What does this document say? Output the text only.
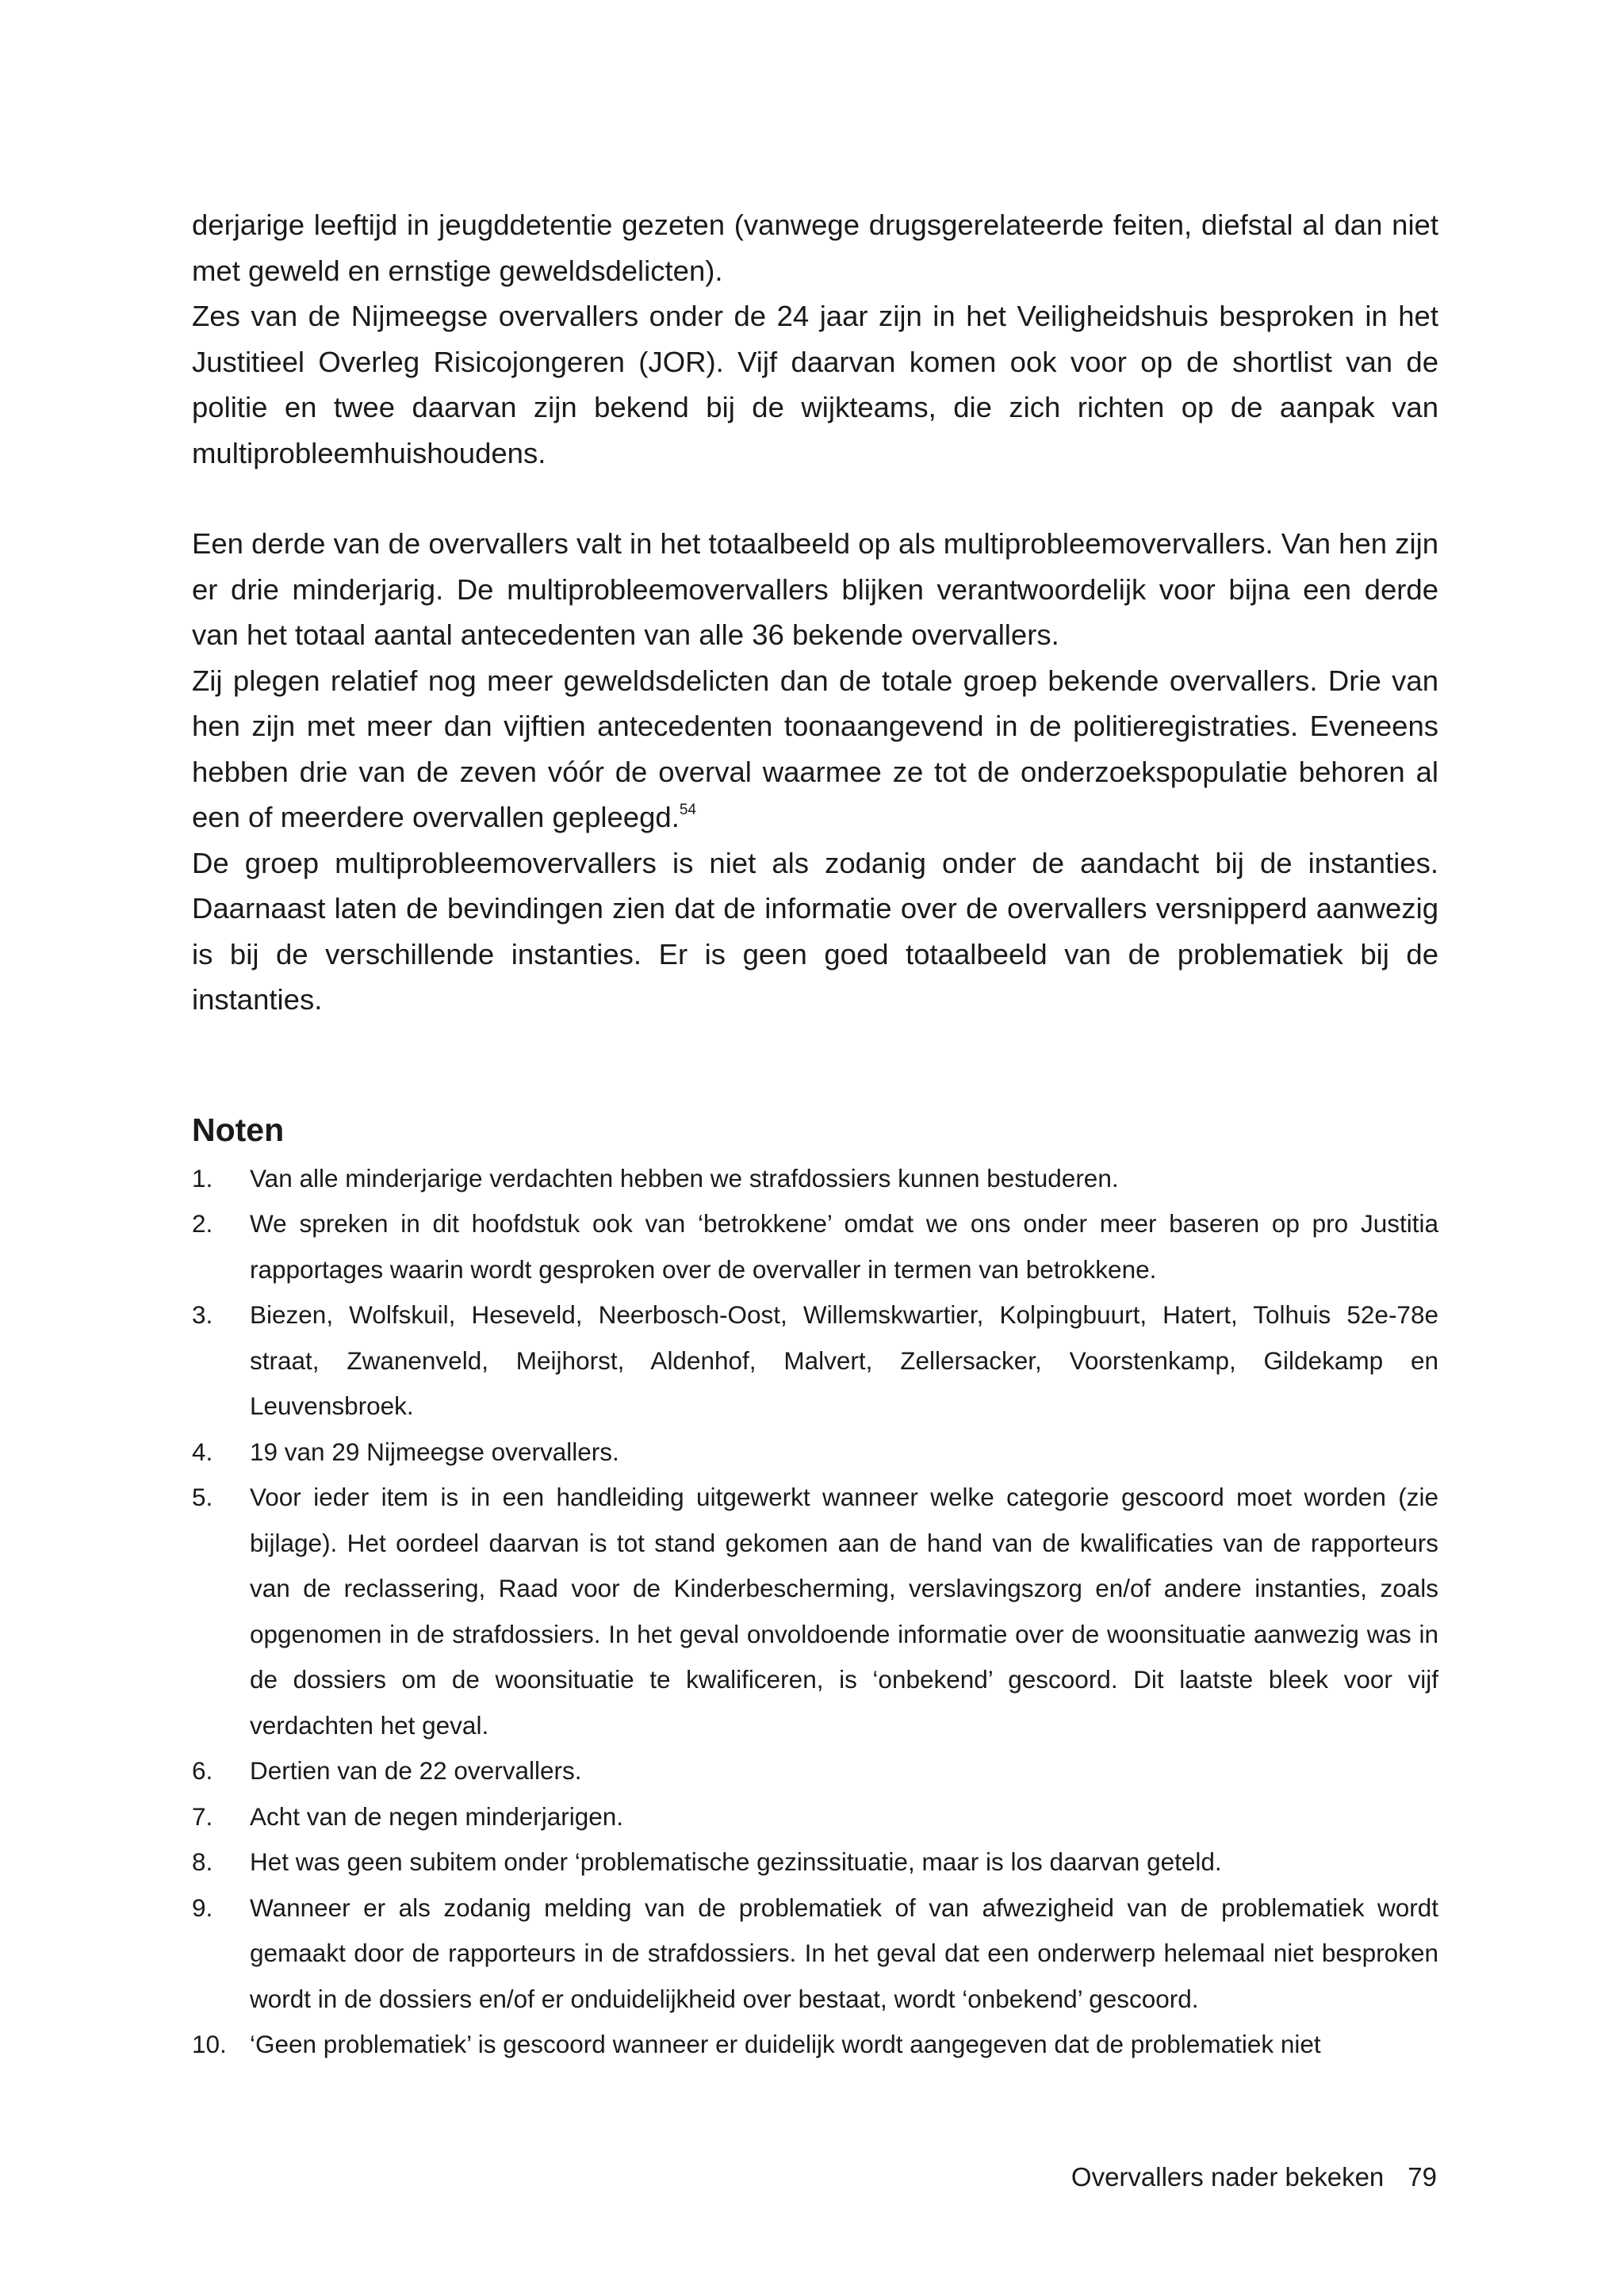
derjarige leeftijd in jeugddetentie gezeten (vanwege drugsgerelateerde feiten, diefstal al dan niet met geweld en ernstige geweldsdelicten).

Zes van de Nijmeegse overvallers onder de 24 jaar zijn in het Veiligheidshuis besproken in het Justitieel Overleg Risicojongeren (JOR). Vijf daarvan komen ook voor op de shortlist van de politie en twee daarvan zijn bekend bij de wijkteams, die zich richten op de aanpak van multiprobleemhuishoudens.

Een derde van de overvallers valt in het totaalbeeld op als multiprobleemovervallers. Van hen zijn er drie minderjarig. De multiprobleemovervallers blijken verantwoordelijk voor bijna een derde van het totaal aantal antecedenten van alle 36 bekende overvallers.

Zij plegen relatief nog meer geweldsdelicten dan de totale groep bekende overvallers. Drie van hen zijn met meer dan vijftien antecedenten toonaangevend in de politieregistraties. Eveneens hebben drie van de zeven vóór de overval waarmee ze tot de onderzoekspopulatie behoren al een of meerdere overvallen gepleegd.$^{54}$

De groep multiprobleemovervallers is niet als zodanig onder de aandacht bij de instanties. Daarnaast laten de bevindingen zien dat de informatie over de overvallers versnipperd aanwezig is bij de verschillende instanties. Er is geen goed totaalbeeld van de problematiek bij de instanties.

Noten
1.	Van alle minderjarige verdachten hebben we strafdossiers kunnen bestuderen.
2.	We spreken in dit hoofdstuk ook van ‘betrokkene’ omdat we ons onder meer baseren op pro Justitia rapportages waarin wordt gesproken over de overvaller in termen van betrokkene.
3.	Biezen, Wolfskuil, Heseveld, Neerbosch-Oost, Willemskwartier, Kolpingbuurt, Hatert, Tolhuis 52e-78e straat, Zwanenveld, Meijhorst, Aldenhof, Malvert, Zellersacker, Voorstenkamp, Gildekamp en Leuvensbroek.
4.	19 van 29 Nijmeegse overvallers.
5.	Voor ieder item is in een handleiding uitgewerkt wanneer welke categorie gescoord moet worden (zie bijlage). Het oordeel daarvan is tot stand gekomen aan de hand van de kwalificaties van de rapporteurs van de reclassering, Raad voor de Kinderbescherming, verslavingszorg en/of andere instanties, zoals opgenomen in de strafdossiers. In het geval onvoldoende informatie over de woonsituatie aanwezig was in de dossiers om de woonsituatie te kwalificeren, is ‘onbekend’ gescoord. Dit laatste bleek voor vijf verdachten het geval.
6.	Dertien van de 22 overvallers.
7.	Acht van de negen minderjarigen.
8.	Het was geen subitem onder ‘problematische gezinssituatie, maar is los daarvan geteld.
9.	Wanneer er als zodanig melding van de problematiek of van afwezigheid van de problematiek wordt gemaakt door de rapporteurs in de strafdossiers. In het geval dat een onderwerp helemaal niet besproken wordt in de dossiers en/of er onduidelijkheid over bestaat, wordt ‘onbekend’ gescoord.
10. ‘Geen problematiek’ is gescoord wanneer er duidelijk wordt aangegeven dat de problematiek niet
Overvallers nader bekeken 79
